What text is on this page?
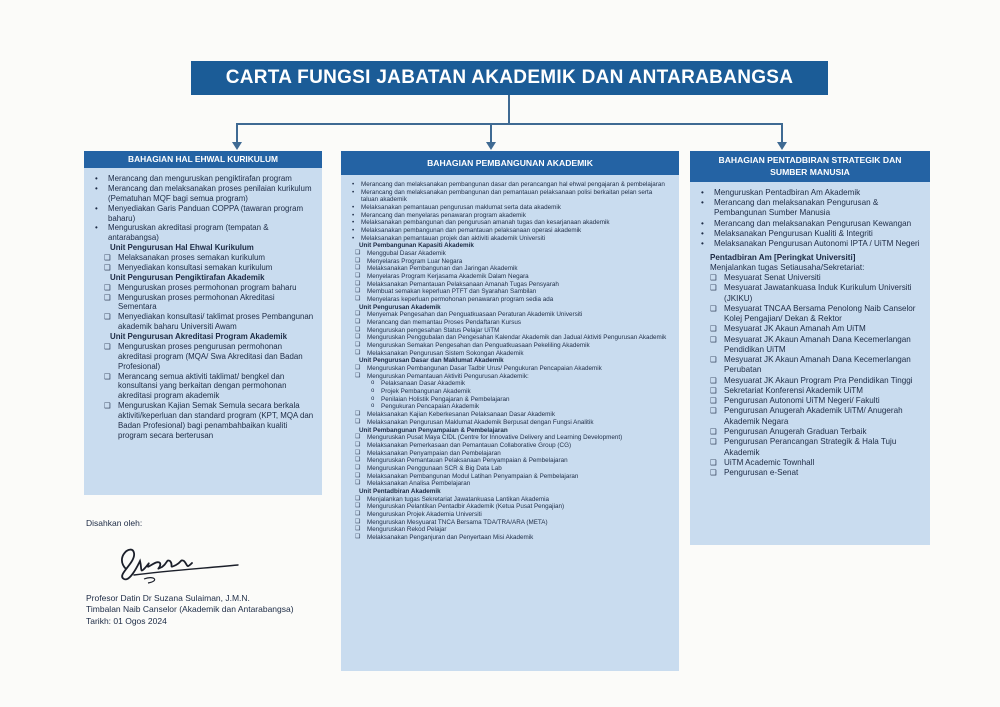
CARTA FUNGSI JABATAN AKADEMIK DAN ANTARABANGSA
BAHAGIAN HAL EHWAL KURIKULUM
• Merancang dan menguruskan pengiktirafan program
• Merancang dan melaksanakan proses penilaian kurikulum (Pematuhan MQF bagi semua program)
• Menyediakan Garis Panduan COPPA (tawaran program baharu)
• Menguruskan akreditasi program (tempatan & antarabangsa)
Unit Pengurusan Hal Ehwal Kurikulum
❑ Melaksanakan proses semakan kurikulum
❑ Menyediakan konsultasi semakan kurikulum
Unit Pengurusan Pengiktirafan Akademik
❑ Menguruskan proses permohonan program baharu
❑ Menguruskan proses permohonan Akreditasi Sementara
❑ Menyediakan konsultasi/ taklimat proses Pembangunan akademik baharu Universiti Awam
Unit Pengurusan Akreditasi Program Akademik
❑ Menguruskan proses pengurusan permohonan akreditasi program (MQA/ Swa Akreditasi dan Badan Profesional)
❑ Merancang semua aktiviti taklimat/ bengkel dan konsultansi yang berkaitan dengan permohonan akreditasi program akademik
❑ Menguruskan Kajian Semak Semula secara berkala aktiviti/keperluan dan standard program (KPT, MQA dan Badan Profesional) bagi penambahbaikan kualiti program secara berterusan
BAHAGIAN PEMBANGUNAN AKADEMIK
• Merancang dan melaksanakan pembangunan dasar dan perancangan hal ehwal pengajaran & pembelajaran
• Merancang dan melaksanakan pembangunan dan pemantauan pelaksanaan polisi berkaitan pelan serta taluan akademik
• Melaksanakan pemantauan pengurusan maklumat serta data akademik
• Merancang dan menyelaras penawaran program akademik
• Melaksanakan pembangunan dan pengurusan amanah tugas dan kesarjanaan akademik
• Melaksanakan pembangunan dan pemantauan pelaksanaan operasi akademik
• Melaksanakan pemantauan projek dan aktiviti akademik Universiti
Unit Pembangunan Kapasiti Akademik
❑ Menggubal Dasar Akademik
❑ Menyelaras Program Luar Negara
❑ Melaksanakan Pembangunan dan Jaringan Akademik
❑ Menyelaras Program Kerjasama Akademik Dalam Negara
❑ Melaksanakan Pemantauan Pelaksanaan Amanah Tugas Pensyarah
❑ Membuat semakan keperluan PTFT dan Syarahan Sambilan
❑ Menyelaras keperluan permohonan penawaran program sedia ada
Unit Pengurusan Akademik
❑ Menyemak Pengesahan dan Penguatkuasaan Peraturan Akademik Universiti
❑ Merancang dan memantau Proses Pendaftaran Kursus
❑ Menguruskan pengesahan Status Pelajar UiTM
❑ Menguruskan Penggubalan dan Pengesahan Kalendar Akademik dan Jadual Aktiviti Pengurusan Akademik
❑ Menguruskan Semakan Pengesahan dan Penguatkuasaan Pekeliling Akademik
❑ Melaksanakan Pengurusan Sistem Sokongan Akademik
Unit Pengurusan Dasar dan Maklumat Akademik
❑ Menguruskan Pembangunan Dasar Tadbir Urus/ Pengukuran Pencapaian Akademik
❑ Menguruskan Pemantauan Aktiviti Pengurusan Akademik:
o Pelaksanaan Dasar Akademik
o Projek Pembangunan Akademik
o Penilaian Holistik Pengajaran & Pembelajaran
o Pengukuran Pencapaian Akademik
❑ Melaksanakan Kajian Keberkesanan Pelaksanaan Dasar Akademik
❑ Melaksanakan Pengurusan Maklumat Akademik Berpusat dengan Fungsi Analitik
Unit Pembangunan Penyampaian & Pembelajaran
❑ Menguruskan Pusat Maya CIDL (Centre for Innovative Delivery and Learning Development)
❑ Melaksanakan Pemerkasaan dan Pemantauan Collaborative Group (CG)
❑ Melaksanakan Penyampaian dan Pembelajaran
❑ Menguruskan Pemantauan Pelaksanaan Penyampaian & Pembelajaran
❑ Menguruskan Penggunaan SCR & Big Data Lab
❑ Melaksanakan Pembangunan Modul Latihan Penyampaian & Pembelajaran
❑ Melaksanakan Analisa Pembelajaran
Unit Pentadbiran Akademik
❑ Menjalankan tugas Sekretariat Jawatankuasa Lantikan Akademia
❑ Menguruskan Pelantikan Pentadbir Akademik (Ketua Pusat Pengajian)
❑ Menguruskan Projek Akademia Universiti
❑ Menguruskan Mesyuarat TNCA Bersama TDA/TRA/ARA (META)
❑ Menguruskan Rekod Pelajar
❑ Melaksanakan Penganjuran dan Penyertaan Misi Akademik
BAHAGIAN PENTADBIRAN STRATEGIK DAN SUMBER MANUSIA
• Menguruskan Pentadbiran Am Akademik
• Merancang dan melaksanakan Pengurusan & Pembangunan Sumber Manusia
• Merancang dan melaksanakan Pengurusan Kewangan
• Melaksanakan Pengurusan Kualiti & Integriti
• Melaksanakan Pengurusan Autonomi IPTA / UiTM Negeri
Pentadbiran Am [Peringkat Universiti]
Menjalankan tugas Setiausaha/Sekretariat:
❑ Mesyuarat Senat Universiti
❑ Mesyuarat Jawatankuasa Induk Kurikulum Universiti (JKIKU)
❑ Mesyuarat TNCAA Bersama Penolong Naib Canselor Kolej Pengajian/ Dekan & Rektor
❑ Mesyuarat JK Akaun Amanah Am UiTM
❑ Mesyuarat JK Akaun Amanah Dana Kecemerlangan Pendidikan UiTM
❑ Mesyuarat JK Akaun Amanah Dana Kecemerlangan Perubatan
❑ Mesyuarat JK Akaun Program Pra Pendidikan Tinggi
❑ Sekretariat Konferensi Akademik UiTM
❑ Pengurusan Autonomi UiTM Negeri/ Fakulti
❑ Pengurusan Anugerah Akademik UiTM/ Anugerah Akademik Negara
❑ Pengurusan Anugerah Graduan Terbaik
❑ Pengurusan Perancangan Strategik & Hala Tuju Akademik
❑ UiTM Academic Townhall
❑ Pengurusan e-Senat
Disahkan oleh:
Profesor Datin Dr Suzana Sulaiman, J.M.N.
Timbalan Naib Canselor (Akademik dan Antarabangsa)
Tarikh: 01 Ogos 2024
